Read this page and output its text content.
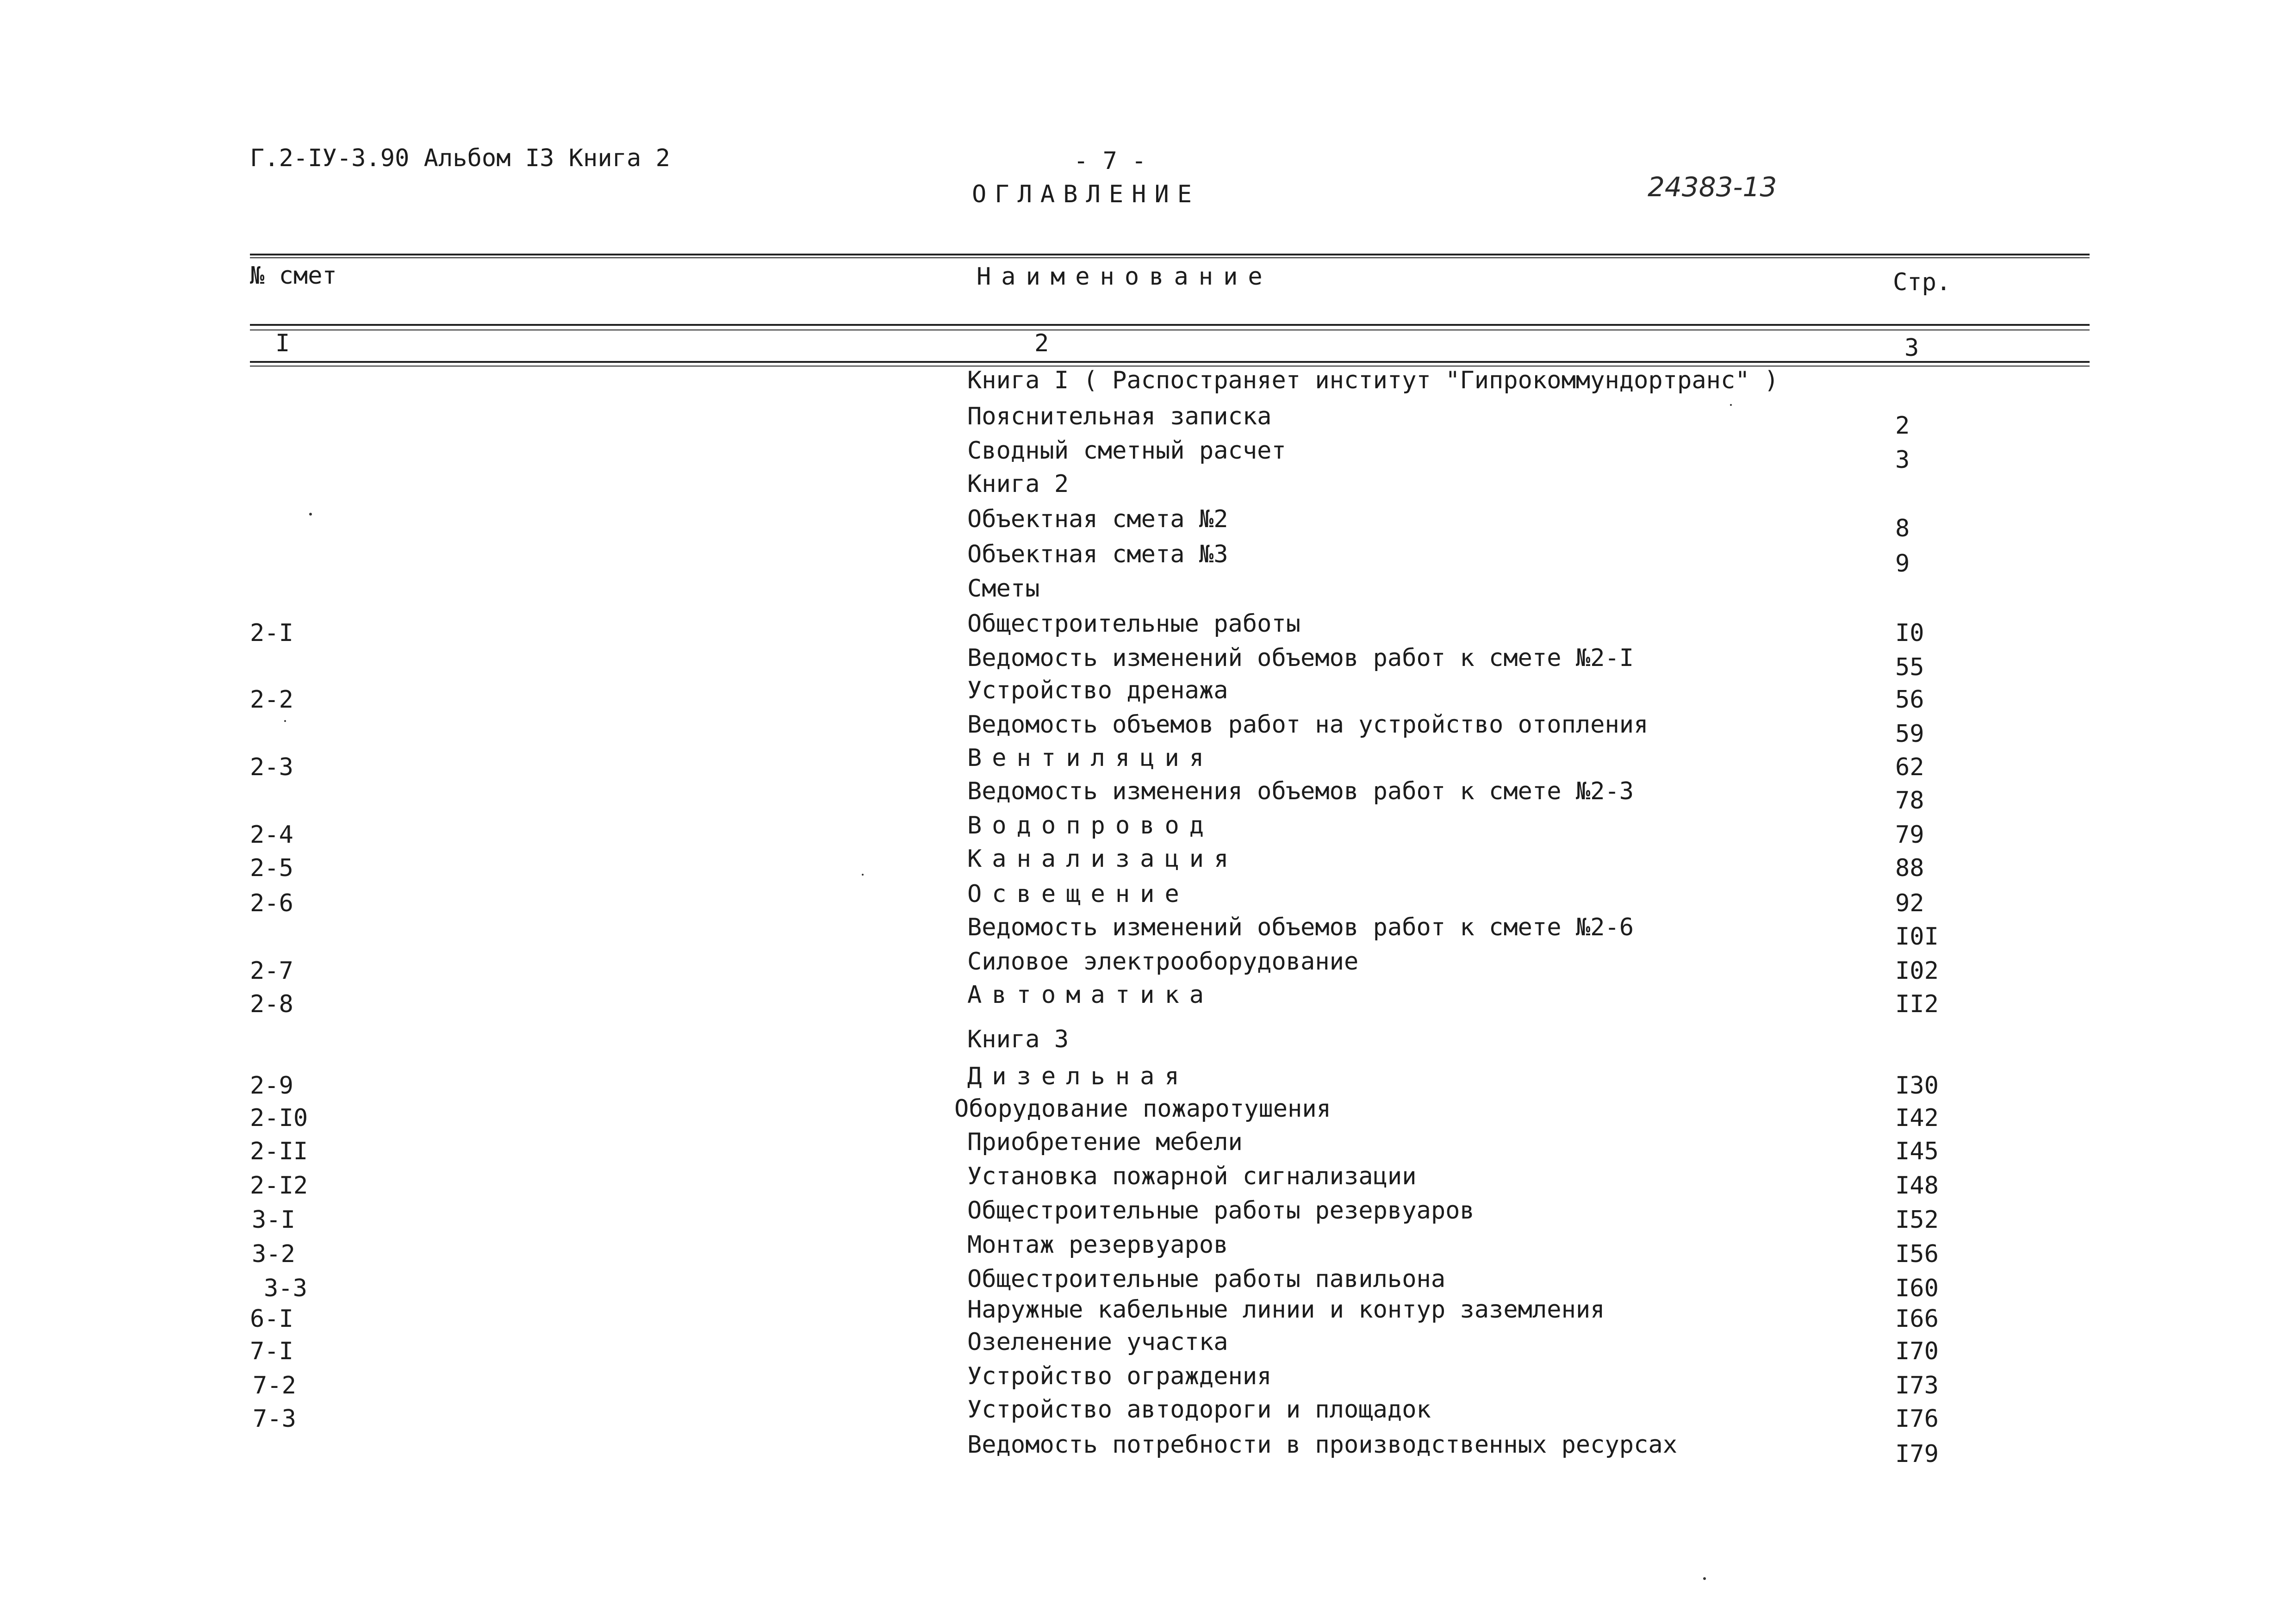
Г.2-IУ-3.90 Альбом I3 Книга 2	- 7 -
ОГЛАВЛЕНИЕ	24383-13
№ смет	Наименование	Стр.
I	2	3
Книга I ( Распостраняет институт "Гипрокоммундортранс" )
Пояснительная записка	2
Сводный сметный расчет	3
Книга 2
Объектная смета №2	8
Объектная смета №3	9
Сметы
2-I	Общестроительные работы	I0
Ведомость изменений объемов работ к смете №2-I	55
2-2	Устройство дренажа	56
Ведомость объемов работ на устройство отопления	59
2-3	Вентиляция	62
Ведомость изменения объемов работ к смете №2-3	78
2-4	Водопровод	79
2-5	Канализация	88
2-6	Освещение	92
Ведомость изменений объемов работ к смете №2-6	I0I
2-7	Силовое электрооборудование	I02
2-8	Автоматика	II2
Книга 3
2-9	Дизельная	I30
2-I0	Оборудование пожаротушения	I42
2-II	Приобретение мебели	I45
2-I2	Установка пожарной сигнализации	I48
3-I	Общестроительные работы резервуаров	I52
3-2	Монтаж резервуаров	I56
3-3	Общестроительные работы павильона	I60
6-I	Наружные кабельные линии и контур заземления	I66
7-I	Озеленение участка	I70
7-2	Устройство ограждения	I73
7-3	Устройство автодороги и площадок	I76
Ведомость потребности в производственных ресурсах	I79
